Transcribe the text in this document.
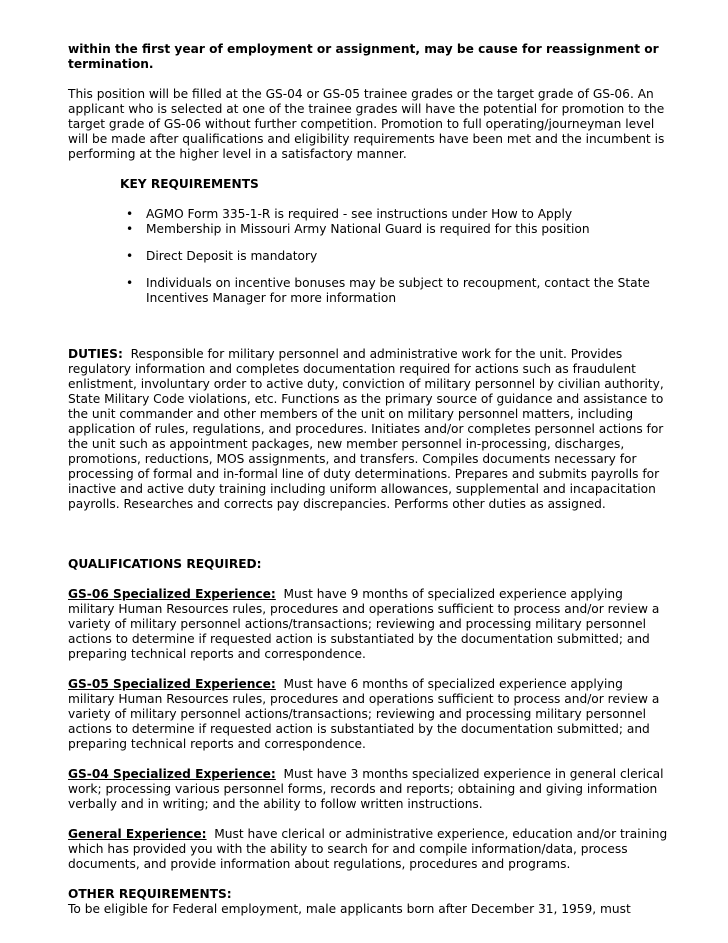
within the first year of employment or assignment, may be cause for reassignment or termination.

This position will be filled at the GS-04 or GS-05 trainee grades or the target grade of GS-06. An applicant who is selected at one of the trainee grades will have the potential for promotion to the target grade of GS-06 without further competition. Promotion to full operating/journeyman level will be made after qualifications and eligibility requirements have been met and the incumbent is performing at the higher level in a satisfactory manner.

KEY REQUIREMENTS

• AGMO Form 335-1-R is required - see instructions under How to Apply
• Membership in Missouri Army National Guard is required for this position
• Direct Deposit is mandatory
• Individuals on incentive bonuses may be subject to recoupment, contact the State Incentives Manager for more information

DUTIES: Responsible for military personnel and administrative work for the unit. Provides regulatory information and completes documentation required for actions such as fraudulent enlistment, involuntary order to active duty, conviction of military personnel by civilian authority, State Military Code violations, etc. Functions as the primary source of guidance and assistance to the unit commander and other members of the unit on military personnel matters, including application of rules, regulations, and procedures. Initiates and/or completes personnel actions for the unit such as appointment packages, new member personnel in-processing, discharges, promotions, reductions, MOS assignments, and transfers. Compiles documents necessary for processing of formal and in-formal line of duty determinations. Prepares and submits payrolls for inactive and active duty training including uniform allowances, supplemental and incapacitation payrolls. Researches and corrects pay discrepancies. Performs other duties as assigned.

QUALIFICATIONS REQUIRED:

GS-06 Specialized Experience: Must have 9 months of specialized experience applying military Human Resources rules, procedures and operations sufficient to process and/or review a variety of military personnel actions/transactions; reviewing and processing military personnel actions to determine if requested action is substantiated by the documentation submitted; and preparing technical reports and correspondence.

GS-05 Specialized Experience: Must have 6 months of specialized experience applying military Human Resources rules, procedures and operations sufficient to process and/or review a variety of military personnel actions/transactions; reviewing and processing military personnel actions to determine if requested action is substantiated by the documentation submitted; and preparing technical reports and correspondence.

GS-04 Specialized Experience: Must have 3 months specialized experience in general clerical work; processing various personnel forms, records and reports; obtaining and giving information verbally and in writing; and the ability to follow written instructions.

General Experience: Must have clerical or administrative experience, education and/or training which has provided you with the ability to search for and compile information/data, process documents, and provide information about regulations, procedures and programs.

OTHER REQUIREMENTS:

To be eligible for Federal employment, male applicants born after December 31, 1959, must
